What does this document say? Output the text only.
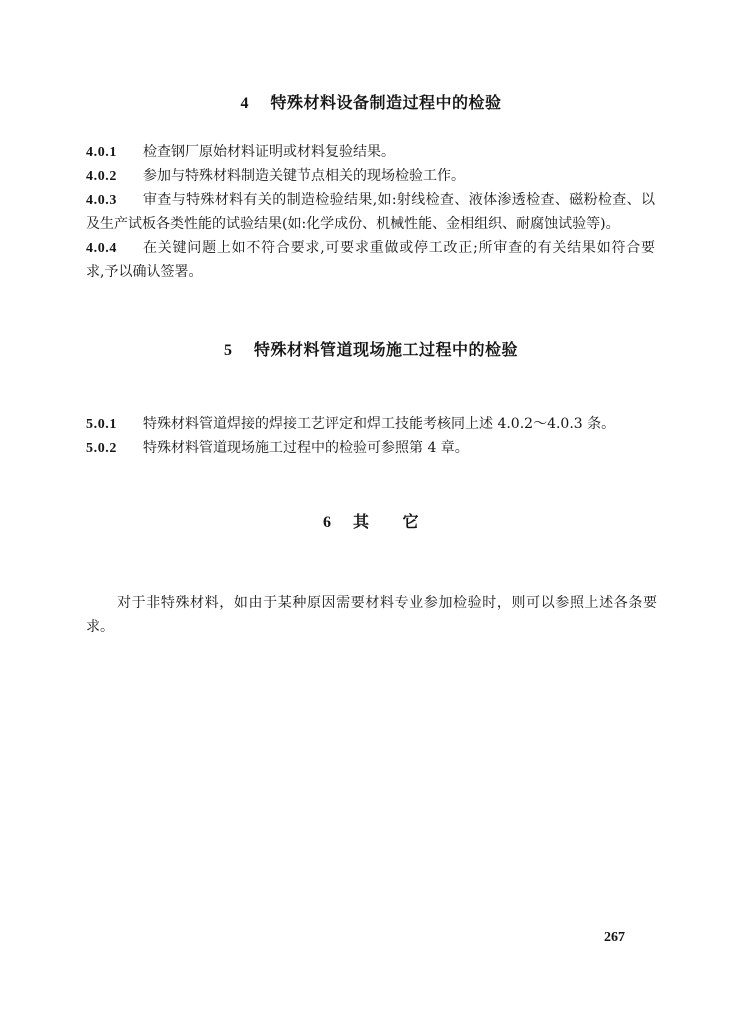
4 特殊材料设备制造过程中的检验
4.0.1 检查钢厂原始材料证明或材料复验结果。
4.0.2 参加与特殊材料制造关键节点相关的现场检验工作。
4.0.3 审查与特殊材料有关的制造检验结果,如:射线检查、液体渗透检查、磁粉检查、以
及生产试板各类性能的试验结果(如:化学成份、机械性能、金相组织、耐腐蚀试验等)。
4.0.4 在关键问题上如不符合要求,可要求重做或停工改正;所审查的有关结果如符合要
求,予以确认签署。
5 特殊材料管道现场施工过程中的检验
5.0.1 特殊材料管道焊接的焊接工艺评定和焊工技能考核同上述 4.0.2～4.0.3 条。
5.0.2 特殊材料管道现场施工过程中的检验可参照第 4 章。
6 其　　它
对于非特殊材料，如由于某种原因需要材料专业参加检验时，则可以参照上述各条要
求。
267
